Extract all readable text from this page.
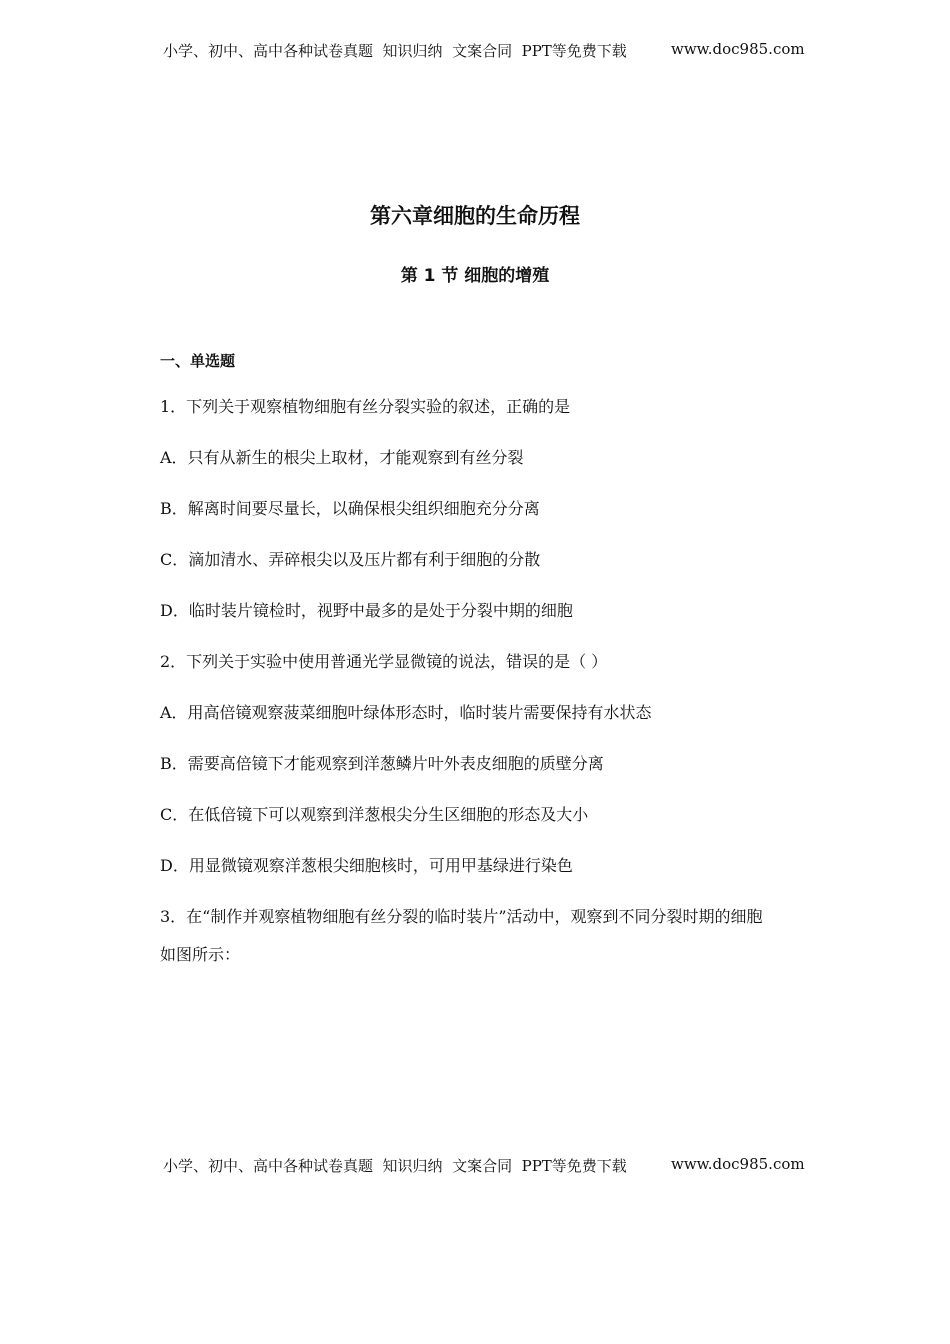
小学、初中、高中各种试卷真题  知识归纳  文案合同  PPT等免费下载

	www.doc985.com

第六章细胞的生命历程
第 1 节 细胞的增殖
一、单选题
1．下列关于观察植物细胞有丝分裂实验的叙述，正确的是
A．只有从新生的根尖上取材，才能观察到有丝分裂
B．解离时间要尽量长，以确保根尖组织细胞充分分离
C．滴加清水、弄碎根尖以及压片都有利于细胞的分散
D．临时装片镜检时，视野中最多的是处于分裂中期的细胞
2．下列关于实验中使用普通光学显微镜的说法，错误的是（ ）
A．用高倍镜观察菠菜细胞叶绿体形态时，临时装片需要保持有水状态
B．需要高倍镜下才能观察到洋葱鳞片叶外表皮细胞的质壁分离
C．在低倍镜下可以观察到洋葱根尖分生区细胞的形态及大小
D．用显微镜观察洋葱根尖细胞核时，可用甲基绿进行染色
3．在“制作并观察植物细胞有丝分裂的临时装片”活动中，观察到不同分裂时期的细胞
如图所示：

小学、初中、高中各种试卷真题  知识归纳  文案合同  PPT等免费下载

	www.doc985.com
